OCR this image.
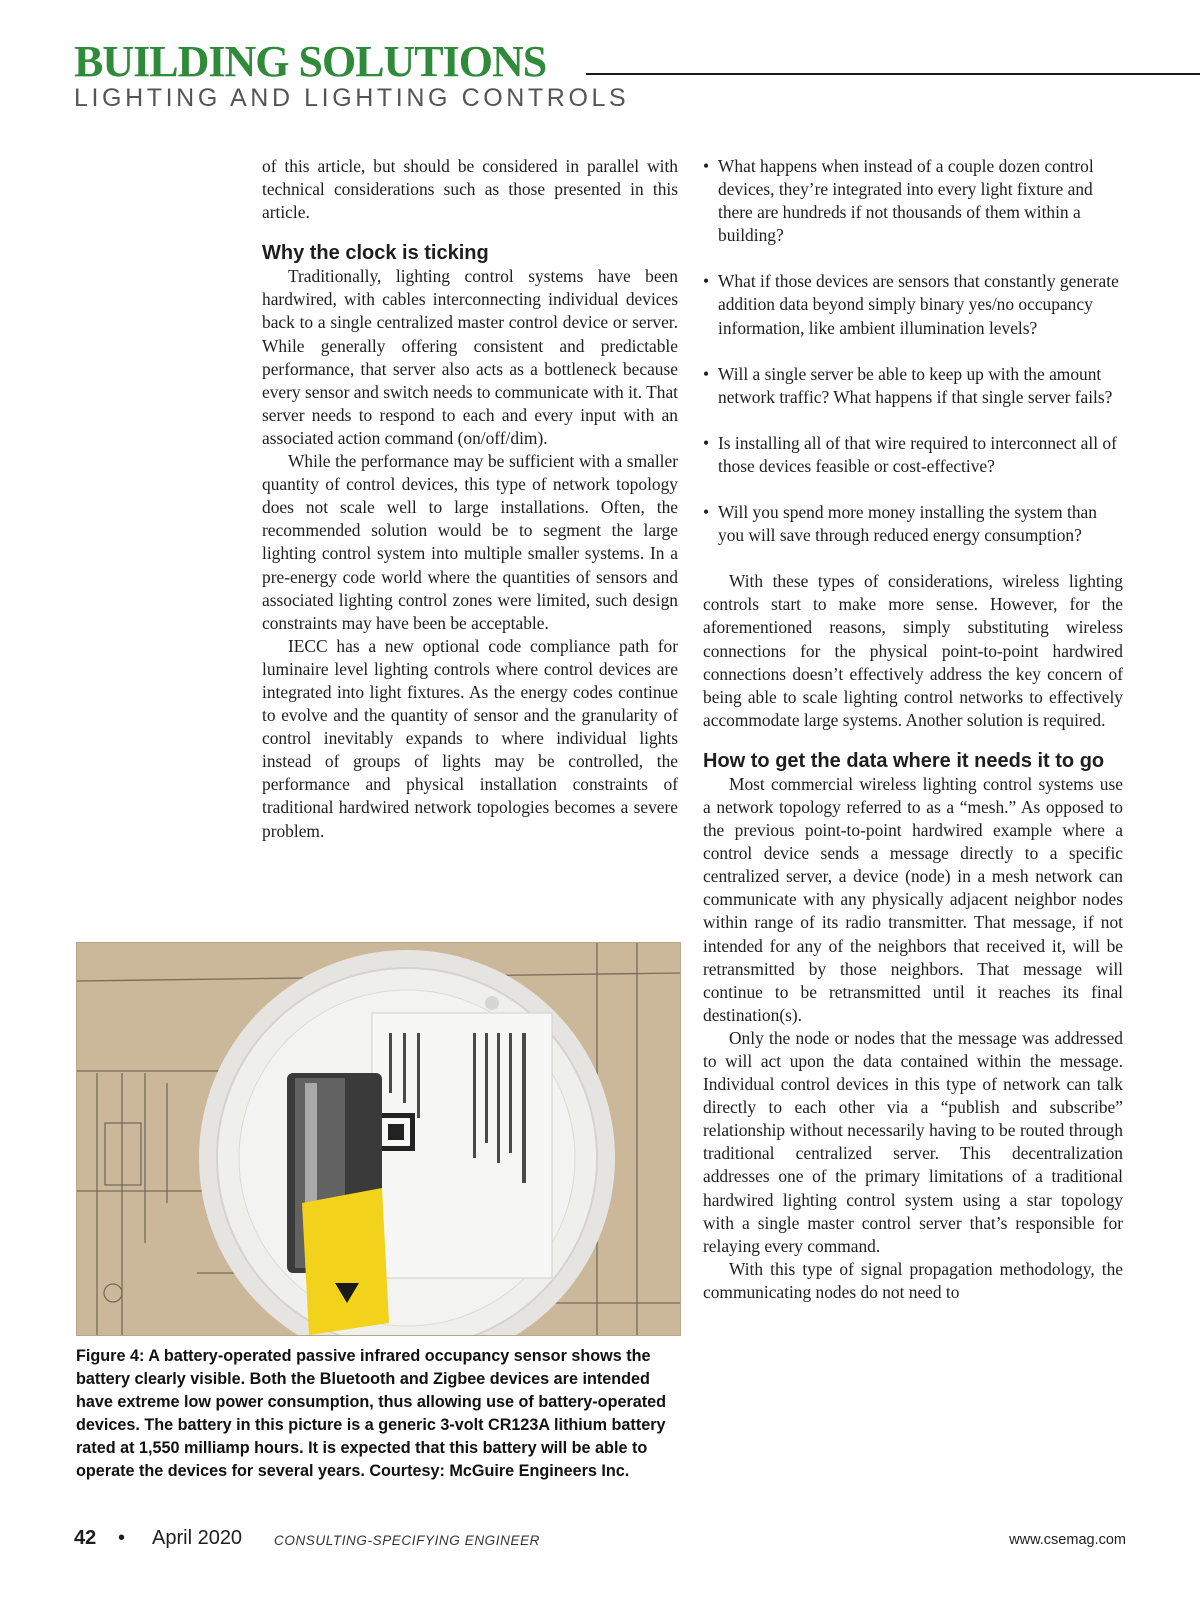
BUILDING SOLUTIONS
LIGHTING AND LIGHTING CONTROLS

of this article, but should be considered in parallel with technical considerations such as those presented in this article.

Why the clock is ticking

Traditionally, lighting control systems have been hardwired, with cables interconnecting individual devices back to a single centralized master control device or server. While generally offering consistent and predictable performance, that server also acts as a bottleneck because every sensor and switch needs to communicate with it. That server needs to respond to each and every input with an associated action command (on/off/dim).

While the performance may be sufficient with a smaller quantity of control devices, this type of network topology does not scale well to large installations. Often, the recommended solution would be to segment the large lighting control system into multiple smaller systems. In a pre-energy code world where the quantities of sensors and associated lighting control zones were limited, such design constraints may have been be acceptable.

IECC has a new optional code compliance path for luminaire level lighting controls where control devices are integrated into light fixtures. As the energy codes continue to evolve and the quantity of sensor and the granularity of control inevitably expands to where individual lights instead of groups of lights may be controlled, the performance and physical installation constraints of traditional hardwired network topologies becomes a severe problem.

• What happens when instead of a couple dozen control devices, they’re integrated into every light fixture and there are hundreds if not thousands of them within a building?
• What if those devices are sensors that constantly generate addition data beyond simply binary yes/no occupancy information, like ambient illumination levels?
• Will a single server be able to keep up with the amount network traffic? What happens if that single server fails?
• Is installing all of that wire required to interconnect all of those devices feasible or cost-effective?
• Will you spend more money installing the system than you will save through reduced energy consumption?

With these types of considerations, wireless lighting controls start to make more sense. However, for the aforementioned reasons, simply substituting wireless connections for the physical point-to-point hardwired connections doesn’t effectively address the key concern of being able to scale lighting control networks to effectively accommodate large systems. Another solution is required.

How to get the data where it needs it to go

Most commercial wireless lighting control systems use a network topology referred to as a “mesh.” As opposed to the previous point-to-point hardwired example where a control device sends a message directly to a specific centralized server, a device (node) in a mesh network can communicate with any physically adjacent neighbor nodes within range of its radio transmitter. That message, if not intended for any of the neighbors that received it, will be retransmitted by those neighbors. That message will continue to be retransmitted until it reaches its final destination(s).

Only the node or nodes that the message was addressed to will act upon the data contained within the message. Individual control devices in this type of network can talk directly to each other via a “publish and subscribe” relationship without necessarily having to be routed through traditional centralized server. This decentralization addresses one of the primary limitations of a traditional hardwired lighting control system using a star topology with a single master control server that’s responsible for relaying every command.

With this type of signal propagation methodology, the communicating nodes do not need to

Figure 4: A battery-operated passive infrared occupancy sensor shows the battery clearly visible. Both the Bluetooth and Zigbee devices are intended have extreme low power consumption, thus allowing use of battery-operated devices. The battery in this picture is a generic 3-volt CR123A lithium battery rated at 1,550 milliamp hours. It is expected that this battery will be able to operate the devices for several years. Courtesy: McGuire Engineers Inc.
42 • April 2020 CONSULTING-SPECIFYING ENGINEER	www.csemag.com
